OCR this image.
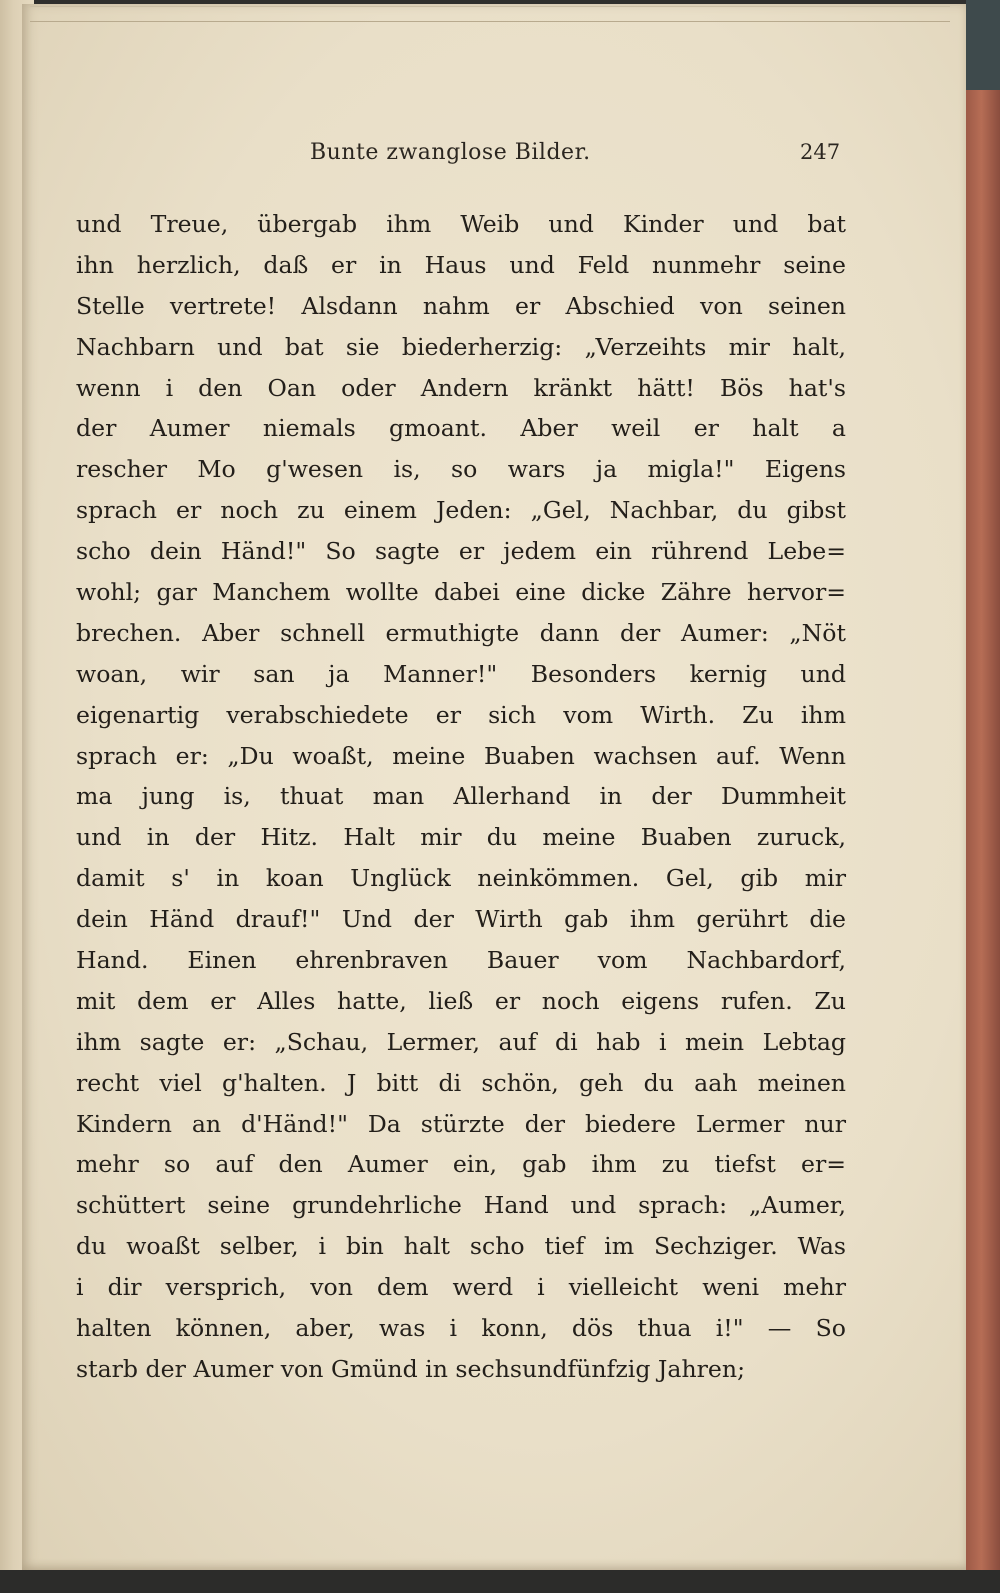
Bunte zwanglose Bilder.	247
und Treue, übergab ihm Weib und Kinder und bat
ihn herzlich, daß er in Haus und Feld nunmehr seine
Stelle vertrete! Alsdann nahm er Abschied von seinen
Nachbarn und bat sie biederherzig: „Verzeihts mir halt,
wenn i den Oan oder Andern kränkt hätt! Bös hat's
der Aumer niemals gmoant. Aber weil er halt a
rescher Mo g'wesen is, so wars ja migla!" Eigens
sprach er noch zu einem Jeden: „Gel, Nachbar, du gibst
scho dein Händ!" So sagte er jedem ein rührend Lebe=
wohl; gar Manchem wollte dabei eine dicke Zähre hervor=
brechen. Aber schnell ermuthigte dann der Aumer: „Nöt
woan, wir san ja Manner!" Besonders kernig und
eigenartig verabschiedete er sich vom Wirth. Zu ihm
sprach er: „Du woaßt, meine Buaben wachsen auf. Wenn
ma jung is, thuat man Allerhand in der Dummheit
und in der Hitz. Halt mir du meine Buaben zuruck,
damit s' in koan Unglück neinkömmen. Gel, gib mir
dein Händ drauf!" Und der Wirth gab ihm gerührt die
Hand. Einen ehrenbraven Bauer vom Nachbardorf,
mit dem er Alles hatte, ließ er noch eigens rufen. Zu
ihm sagte er: „Schau, Lermer, auf di hab i mein Lebtag
recht viel g'halten. J bitt di schön, geh du aah meinen
Kindern an d'Händ!" Da stürzte der biedere Lermer nur
mehr so auf den Aumer ein, gab ihm zu tiefst er=
schüttert seine grundehrliche Hand und sprach: „Aumer,
du woaßt selber, i bin halt scho tief im Sechziger. Was
i dir versprich, von dem werd i vielleicht weni mehr
halten können, aber, was i konn, dös thua i!" — So
starb der Aumer von Gmünd in sechsundfünfzig Jahren;
